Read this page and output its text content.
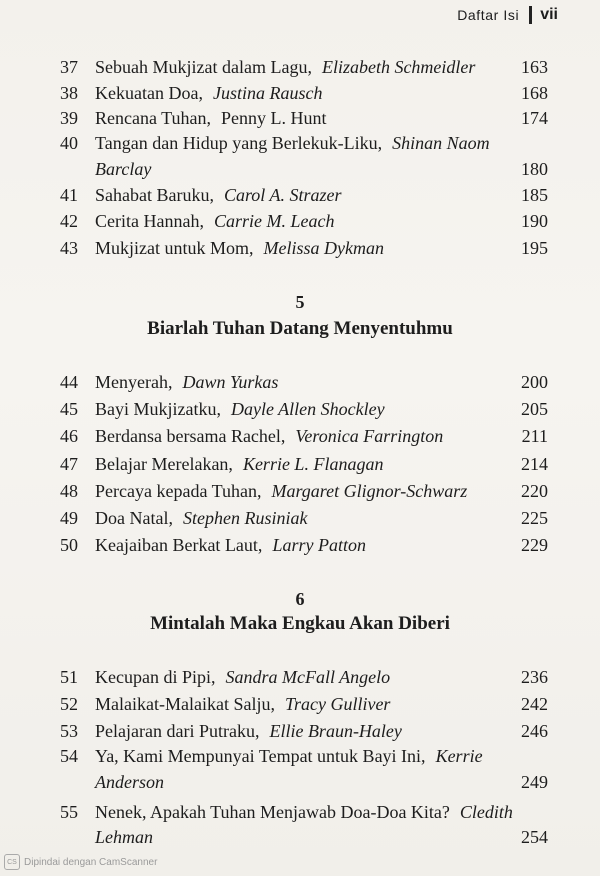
Daftar Isi vii
37 Sebuah Mukjizat dalam Lagu, Elizabeth Schmeidler	163
38 Kekuatan Doa, Justina Rausch	168
39 Rencana Tuhan, Penny L. Hunt	174
40 Tangan dan Hidup yang Berlekuk-Liku, Shinan Naom
Barclay	180
41 Sahabat Baruku, Carol A. Strazer	185
42 Cerita Hannah, Carrie M. Leach	190
43 Mukjizat untuk Mom, Melissa Dykman	195
5
Biarlah Tuhan Datang Menyentuhmu
44 Menyerah, Dawn Yurkas	200
45 Bayi Mukjizatku, Dayle Allen Shockley	205
46 Berdansa bersama Rachel, Veronica Farrington	211
47 Belajar Merelakan, Kerrie L. Flanagan	214
48 Percaya kepada Tuhan, Margaret Glignor-Schwarz	220
49 Doa Natal, Stephen Rusiniak	225
50 Keajaiban Berkat Laut, Larry Patton	229
6
Mintalah Maka Engkau Akan Diberi
51 Kecupan di Pipi, Sandra McFall Angelo	236
52 Malaikat-Malaikat Salju, Tracy Gulliver	242
53 Pelajaran dari Putraku, Ellie Braun-Haley	246
54 Ya, Kami Mempunyai Tempat untuk Bayi Ini, Kerrie
Anderson	249
55 Nenek, Apakah Tuhan Menjawab Doa-Doa Kita? Cledith
Lehman	254
CS Dipindai dengan CamScanner
